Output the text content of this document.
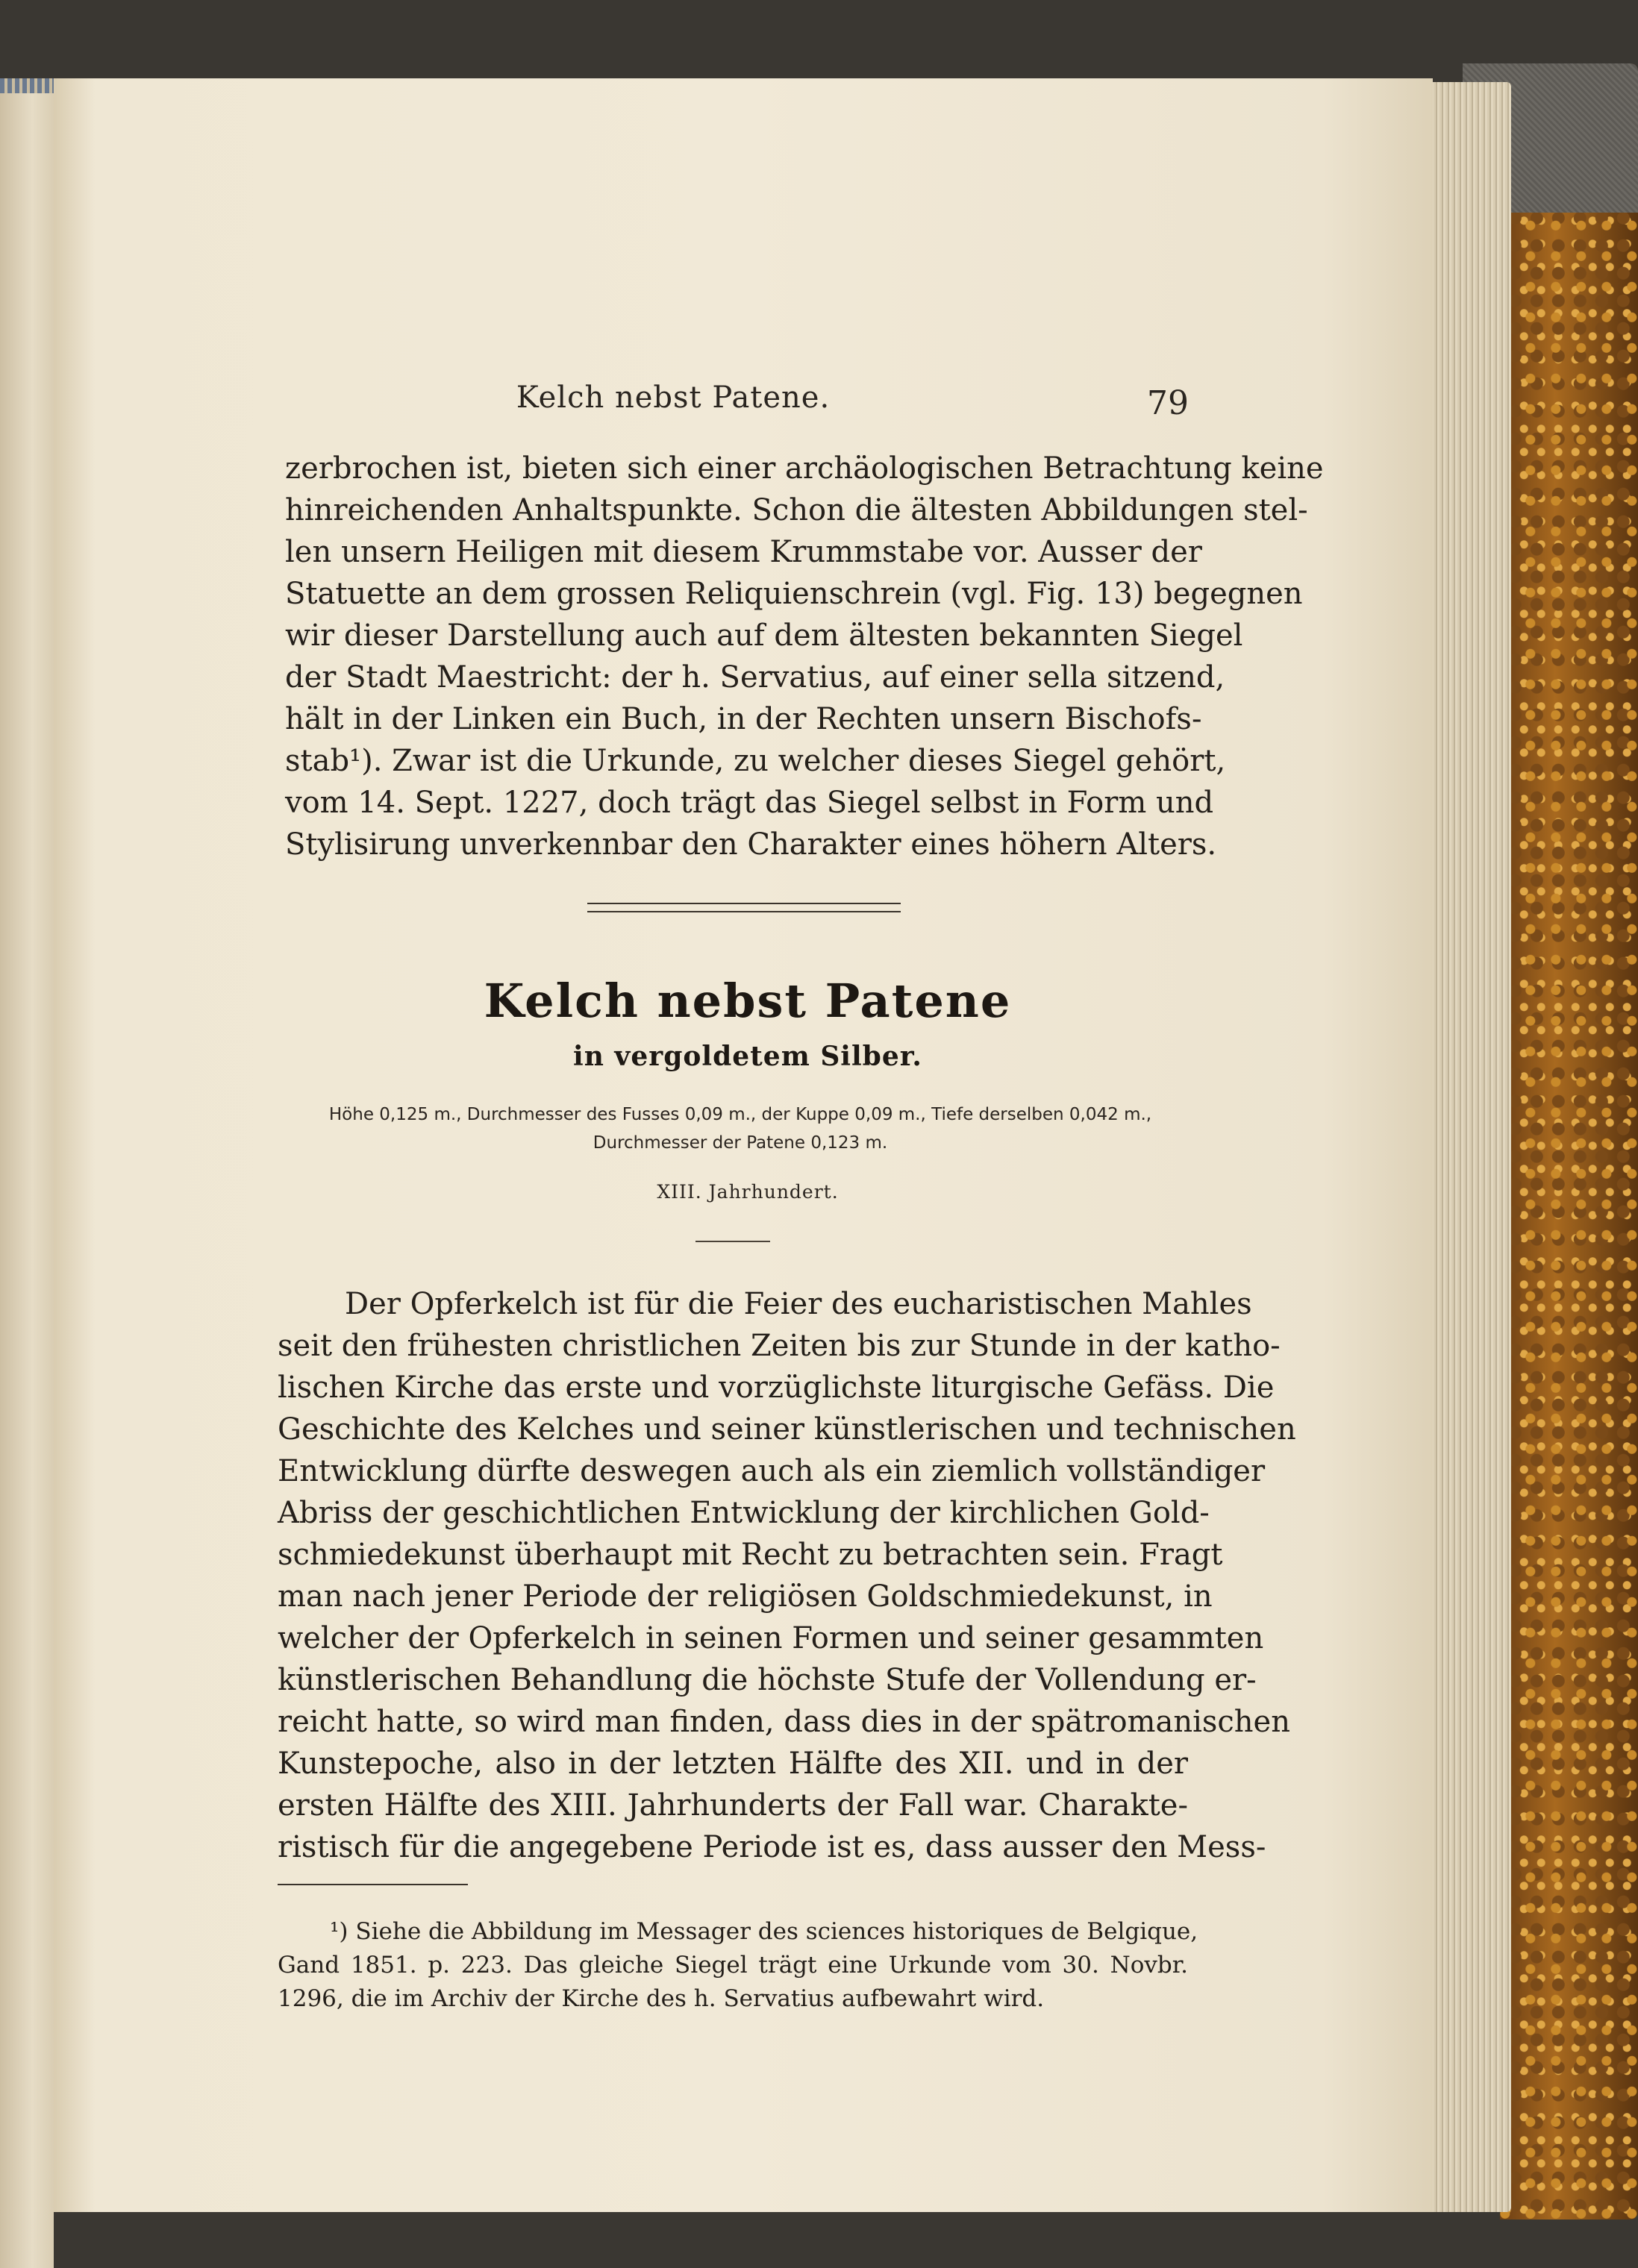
Kelch nebst Patene.	79
zerbrochen ist, bieten sich einer archäologischen Betrachtung keine
hinreichenden Anhaltspunkte. Schon die ältesten Abbildungen stel-
len unsern Heiligen mit diesem Krummstabe vor. Ausser der
Statuette an dem grossen Reliquienschrein (vgl. Fig. 13) begegnen
wir dieser Darstellung auch auf dem ältesten bekannten Siegel
der Stadt Maestricht: der h. Servatius, auf einer sella sitzend,
hält in der Linken ein Buch, in der Rechten unsern Bischofs-
stab¹). Zwar ist die Urkunde, zu welcher dieses Siegel gehört,
vom 14. Sept. 1227, doch trägt das Siegel selbst in Form und
Stylisirung unverkennbar den Charakter eines höhern Alters.
Kelch nebst Patene
in vergoldetem Silber.
Höhe 0,125 m., Durchmesser des Fusses 0,09 m., der Kuppe 0,09 m., Tiefe derselben 0,042 m.,
Durchmesser der Patene 0,123 m.
XIII. Jahrhundert.
Der Opferkelch ist für die Feier des eucharistischen Mahles
seit den frühesten christlichen Zeiten bis zur Stunde in der katho-
lischen Kirche das erste und vorzüglichste liturgische Gefäss. Die
Geschichte des Kelches und seiner künstlerischen und technischen
Entwicklung dürfte deswegen auch als ein ziemlich vollständiger
Abriss der geschichtlichen Entwicklung der kirchlichen Gold-
schmiedekunst überhaupt mit Recht zu betrachten sein. Fragt
man nach jener Periode der religiösen Goldschmiedekunst, in
welcher der Opferkelch in seinen Formen und seiner gesammten
künstlerischen Behandlung die höchste Stufe der Vollendung er-
reicht hatte, so wird man finden, dass dies in der spätromanischen
Kunstepoche, also in der letzten Hälfte des XII. und in der
ersten Hälfte des XIII. Jahrhunderts der Fall war. Charakte-
ristisch für die angegebene Periode ist es, dass ausser den Mess-
¹) Siehe die Abbildung im Messager des sciences historiques de Belgique,
Gand 1851. p. 223. Das gleiche Siegel trägt eine Urkunde vom 30. Novbr.
1296, die im Archiv der Kirche des h. Servatius aufbewahrt wird.
